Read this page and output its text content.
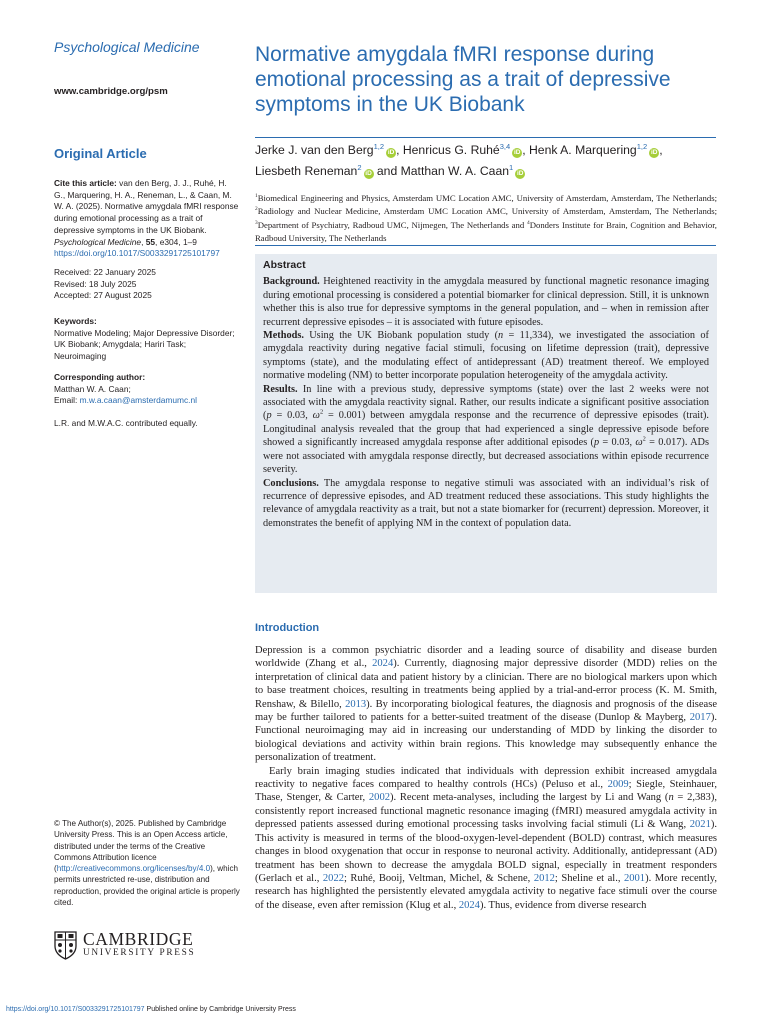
Psychological Medicine
www.cambridge.org/psm
Original Article
Cite this article: van den Berg, J. J., Ruhé, H. G., Marquering, H. A., Reneman, L., & Caan, M. W. A. (2025). Normative amygdala fMRI response during emotional processing as a trait of depressive symptoms in the UK Biobank. Psychological Medicine, 55, e304, 1–9 https://doi.org/10.1017/S0033291725101797
Received: 22 January 2025
Revised: 18 July 2025
Accepted: 27 August 2025
Keywords:
Normative Modeling; Major Depressive Disorder; UK Biobank; Amygdala; Hariri Task; Neuroimaging
Corresponding author:
Matthan W. A. Caan;
Email: m.w.a.caan@amsterdamumc.nl
L.R. and M.W.A.C. contributed equally.
© The Author(s), 2025. Published by Cambridge University Press. This is an Open Access article, distributed under the terms of the Creative Commons Attribution licence (http://creativecommons.org/licenses/by/4.0), which permits unrestricted re-use, distribution and reproduction, provided the original article is properly cited.
CAMBRIDGE
UNIVERSITY PRESS
Normative amygdala fMRI response during emotional processing as a trait of depressive symptoms in the UK Biobank
Jerke J. van den Berg$^{1,2}$iD , Henricus G. Ruhé$^{3,4}$iD , Henk A. Marquering$^{1,2}$iD ,
Liesbeth Reneman$^2$iD and Matthan W. A. Caan$^1$iD
$^1$Biomedical Engineering and Physics, Amsterdam UMC Location AMC, University of Amsterdam, Amsterdam, The Netherlands; $^2$Radiology and Nuclear Medicine, Amsterdam UMC Location AMC, University of Amsterdam, Amsterdam, The Netherlands; $^3$Department of Psychiatry, Radboud UMC, Nijmegen, The Netherlands and $^4$Donders Institute for Brain, Cognition and Behavior, Radboud University, The Netherlands
Abstract

Background. Heightened reactivity in the amygdala measured by functional magnetic resonance imaging during emotional processing is considered a potential biomarker for clinical depression. Still, it is unknown whether this is also true for depressive symptoms in the general population, and – when in remission after recurrent depressive episodes – it is associated with future episodes.

Methods. Using the UK Biobank population study (n = 11,334), we investigated the association of amygdala reactivity during negative facial stimuli, focusing on lifetime depression (trait), depressive symptoms (state), and the modulating effect of antidepressant (AD) treatment thereof. We employed normative modeling (NM) to better incorporate population heterogeneity of the amygdala activity.

Results. In line with a previous study, depressive symptoms (state) over the last 2 weeks were not associated with the amygdala reactivity signal. Rather, our results indicate a significant positive association (p = 0.03, $\omega^2 = 0.001$) between amygdala response and the recurrence of depressive episodes (trait). Longitudinal analysis revealed that the group that had experienced a single depressive episode before showed a significantly increased amygdala response after additional episodes (p = 0.03, $\omega^2 = 0.017$). ADs were not associated with amygdala response directly, but decreased associations within episode recurrence severity.

Conclusions. The amygdala response to negative stimuli was associated with an individual’s risk of recurrence of depressive episodes, and AD treatment reduced these associations. This study highlights the relevance of amygdala reactivity as a trait, but not a state biomarker for (recurrent) depression. Moreover, it demonstrates the benefit of applying NM in the context of population data.

Introduction

Depression is a common psychiatric disorder and a leading source of disability and disease burden worldwide (Zhang et al., 2024). Currently, diagnosing major depressive disorder (MDD) relies on the interpretation of clinical data and patient history by a clinician. There are no biological markers upon which to base treatment choices, resulting in treatments being applied by a trial-and-error process (K. M. Smith, Renshaw, & Bilello, 2013). By incorporating biological features, the diagnosis and prognosis of the disease may be further tailored to patients for a better-suited treatment of the disease (Dunlop & Mayberg, 2017). Functional neuroimaging may aid in increasing our understanding of MDD by linking the disorder to biological deviations and activity within brain regions. This knowledge may subsequently enhance the personalization of treatment.

Early brain imaging studies indicated that individuals with depression exhibit increased amygdala reactivity to negative faces compared to healthy controls (HCs) (Peluso et al., 2009; Siegle, Steinhauer, Thase, Stenger, & Carter, 2002). Recent meta-analyses, including the largest by Li and Wang (n = 2,383), consistently report increased functional magnetic resonance imaging (fMRI) measured amygdala activity in depressed patients assessed during emotional processing tasks involving facial stimuli (Li & Wang, 2021). This activity is measured in terms of the blood-oxygen-level-dependent (BOLD) contrast, which measures changes in blood oxygenation that occur in response to neuronal activity. Additionally, antidepressant (AD) treatment has been shown to decrease the amygdala BOLD signal, especially in treatment responders (Gerlach et al., 2022; Ruhé, Booij, Veltman, Michel, & Schene, 2012; Sheline et al., 2001). More recently, research has highlighted the persistently elevated amygdala activity to negative face stimuli over the course of the disease, even after remission (Klug et al., 2024). Thus, evidence from diverse research

https://doi.org/10.1017/S0033291725101797 Published online by Cambridge University Press
